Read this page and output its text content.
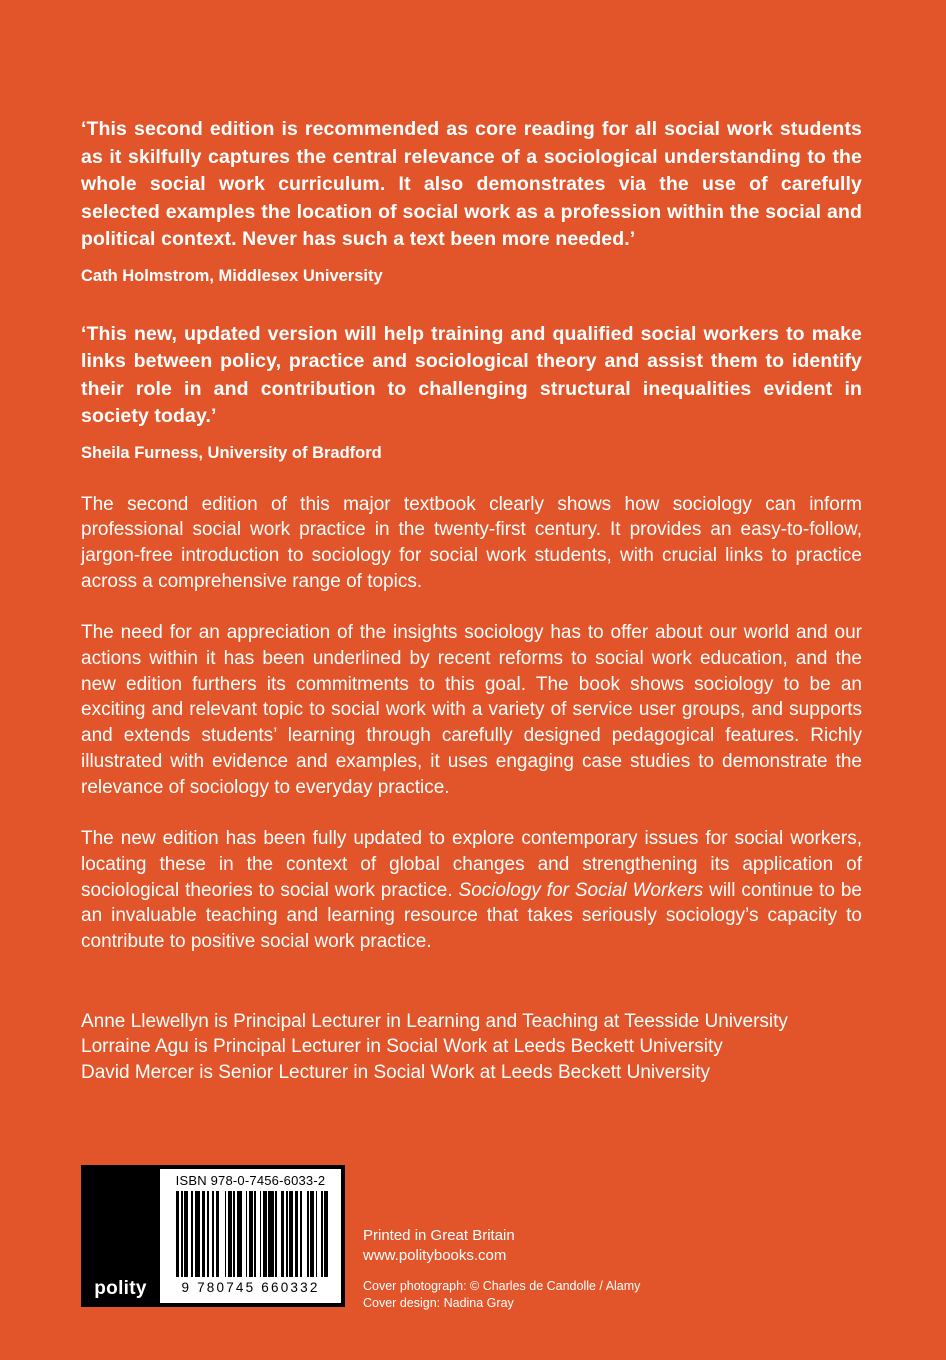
‘This second edition is recommended as core reading for all social work students as it skilfully captures the central relevance of a sociological understanding to the whole social work curriculum. It also demonstrates via the use of carefully selected examples the location of social work as a profession within the social and political context. Never has such a text been more needed.’

Cath Holmstrom, Middlesex University

‘This new, updated version will help training and qualified social workers to make links between policy, practice and sociological theory and assist them to identify their role in and contribution to challenging structural inequalities evident in society today.’

Sheila Furness, University of Bradford

The second edition of this major textbook clearly shows how sociology can inform professional social work practice in the twenty-first century. It provides an easy-to-follow, jargon-free introduction to sociology for social work students, with crucial links to practice across a comprehensive range of topics.

The need for an appreciation of the insights sociology has to offer about our world and our actions within it has been underlined by recent reforms to social work education, and the new edition furthers its commitments to this goal. The book shows sociology to be an exciting and relevant topic to social work with a variety of service user groups, and supports and extends students’ learning through carefully designed pedagogical features. Richly illustrated with evidence and examples, it uses engaging case studies to demonstrate the relevance of sociology to everyday practice.

The new edition has been fully updated to explore contemporary issues for social workers, locating these in the context of global changes and strengthening its application of sociological theories to social work practice. Sociology for Social Workers will continue to be an invaluable teaching and learning resource that takes seriously sociology’s capacity to contribute to positive social work practice.

Anne Llewellyn is Principal Lecturer in Learning and Teaching at Teesside University
Lorraine Agu is Principal Lecturer in Social Work at Leeds Beckett University
David Mercer is Senior Lecturer in Social Work at Leeds Beckett University
polity
ISBN 978-0-7456-6033-2
9 780745 660332
Printed in Great Britain
www.politybooks.com
Cover photograph: © Charles de Candolle / Alamy
Cover design: Nadina Gray
